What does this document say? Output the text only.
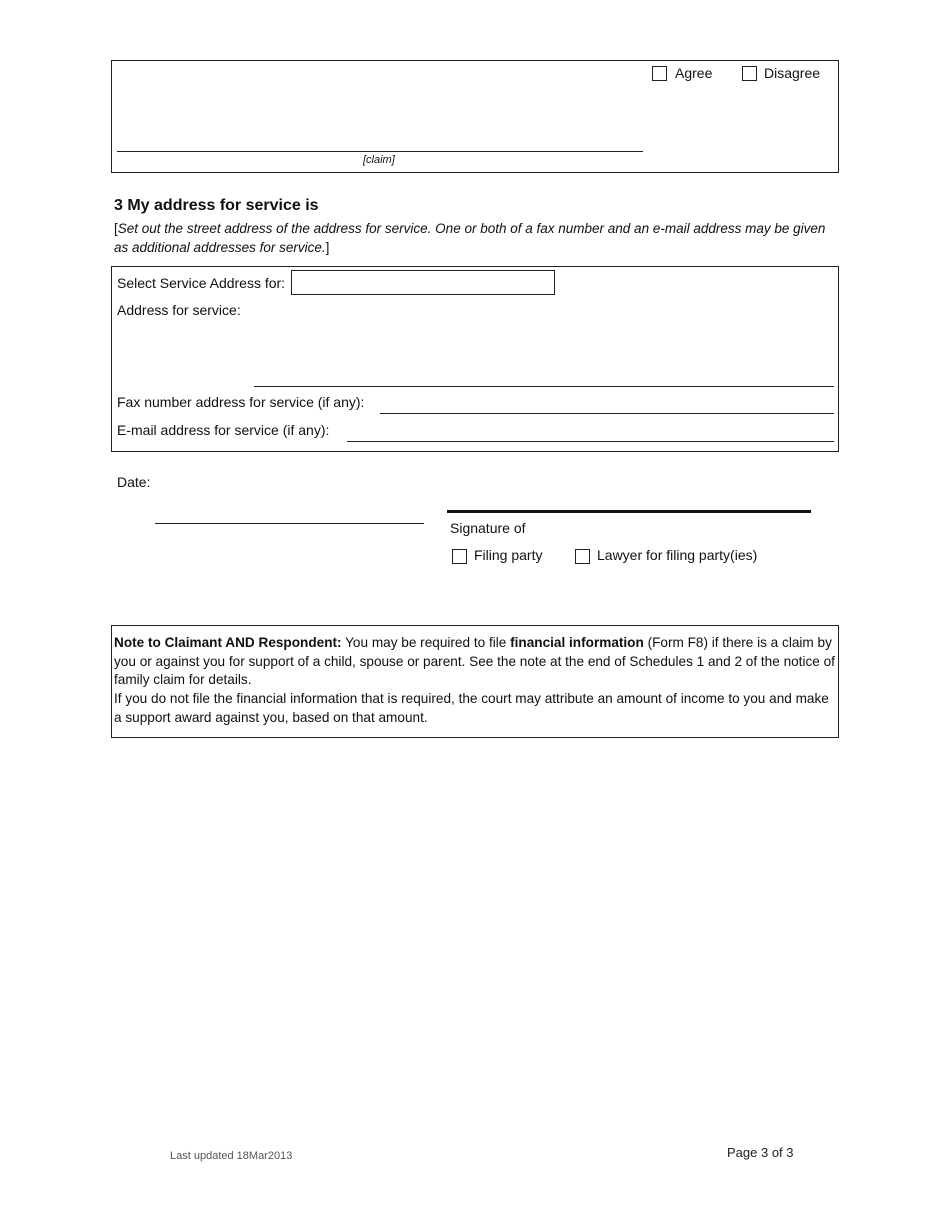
Agree	Disagree
[claim]
3 My address for service is
[Set out the street address of the address for service. One or both of a fax number and an e-mail address may be given as additional addresses for service.]
Select Service Address for:
Address for service:
Fax number address for service (if any):
E-mail address for service (if any):
Date:
Signature of
Filing party	Lawyer for filing party(ies)
Note to Claimant AND Respondent: You may be required to file financial information (Form F8) if there is a claim by you or against you for support of a child, spouse or parent. See the note at the end of Schedules 1 and 2 of the notice of family claim for details.
If you do not file the financial information that is required, the court may attribute an amount of income to you and make a support award against you, based on that amount.
Last updated 18Mar2013	Page 3 of 3
